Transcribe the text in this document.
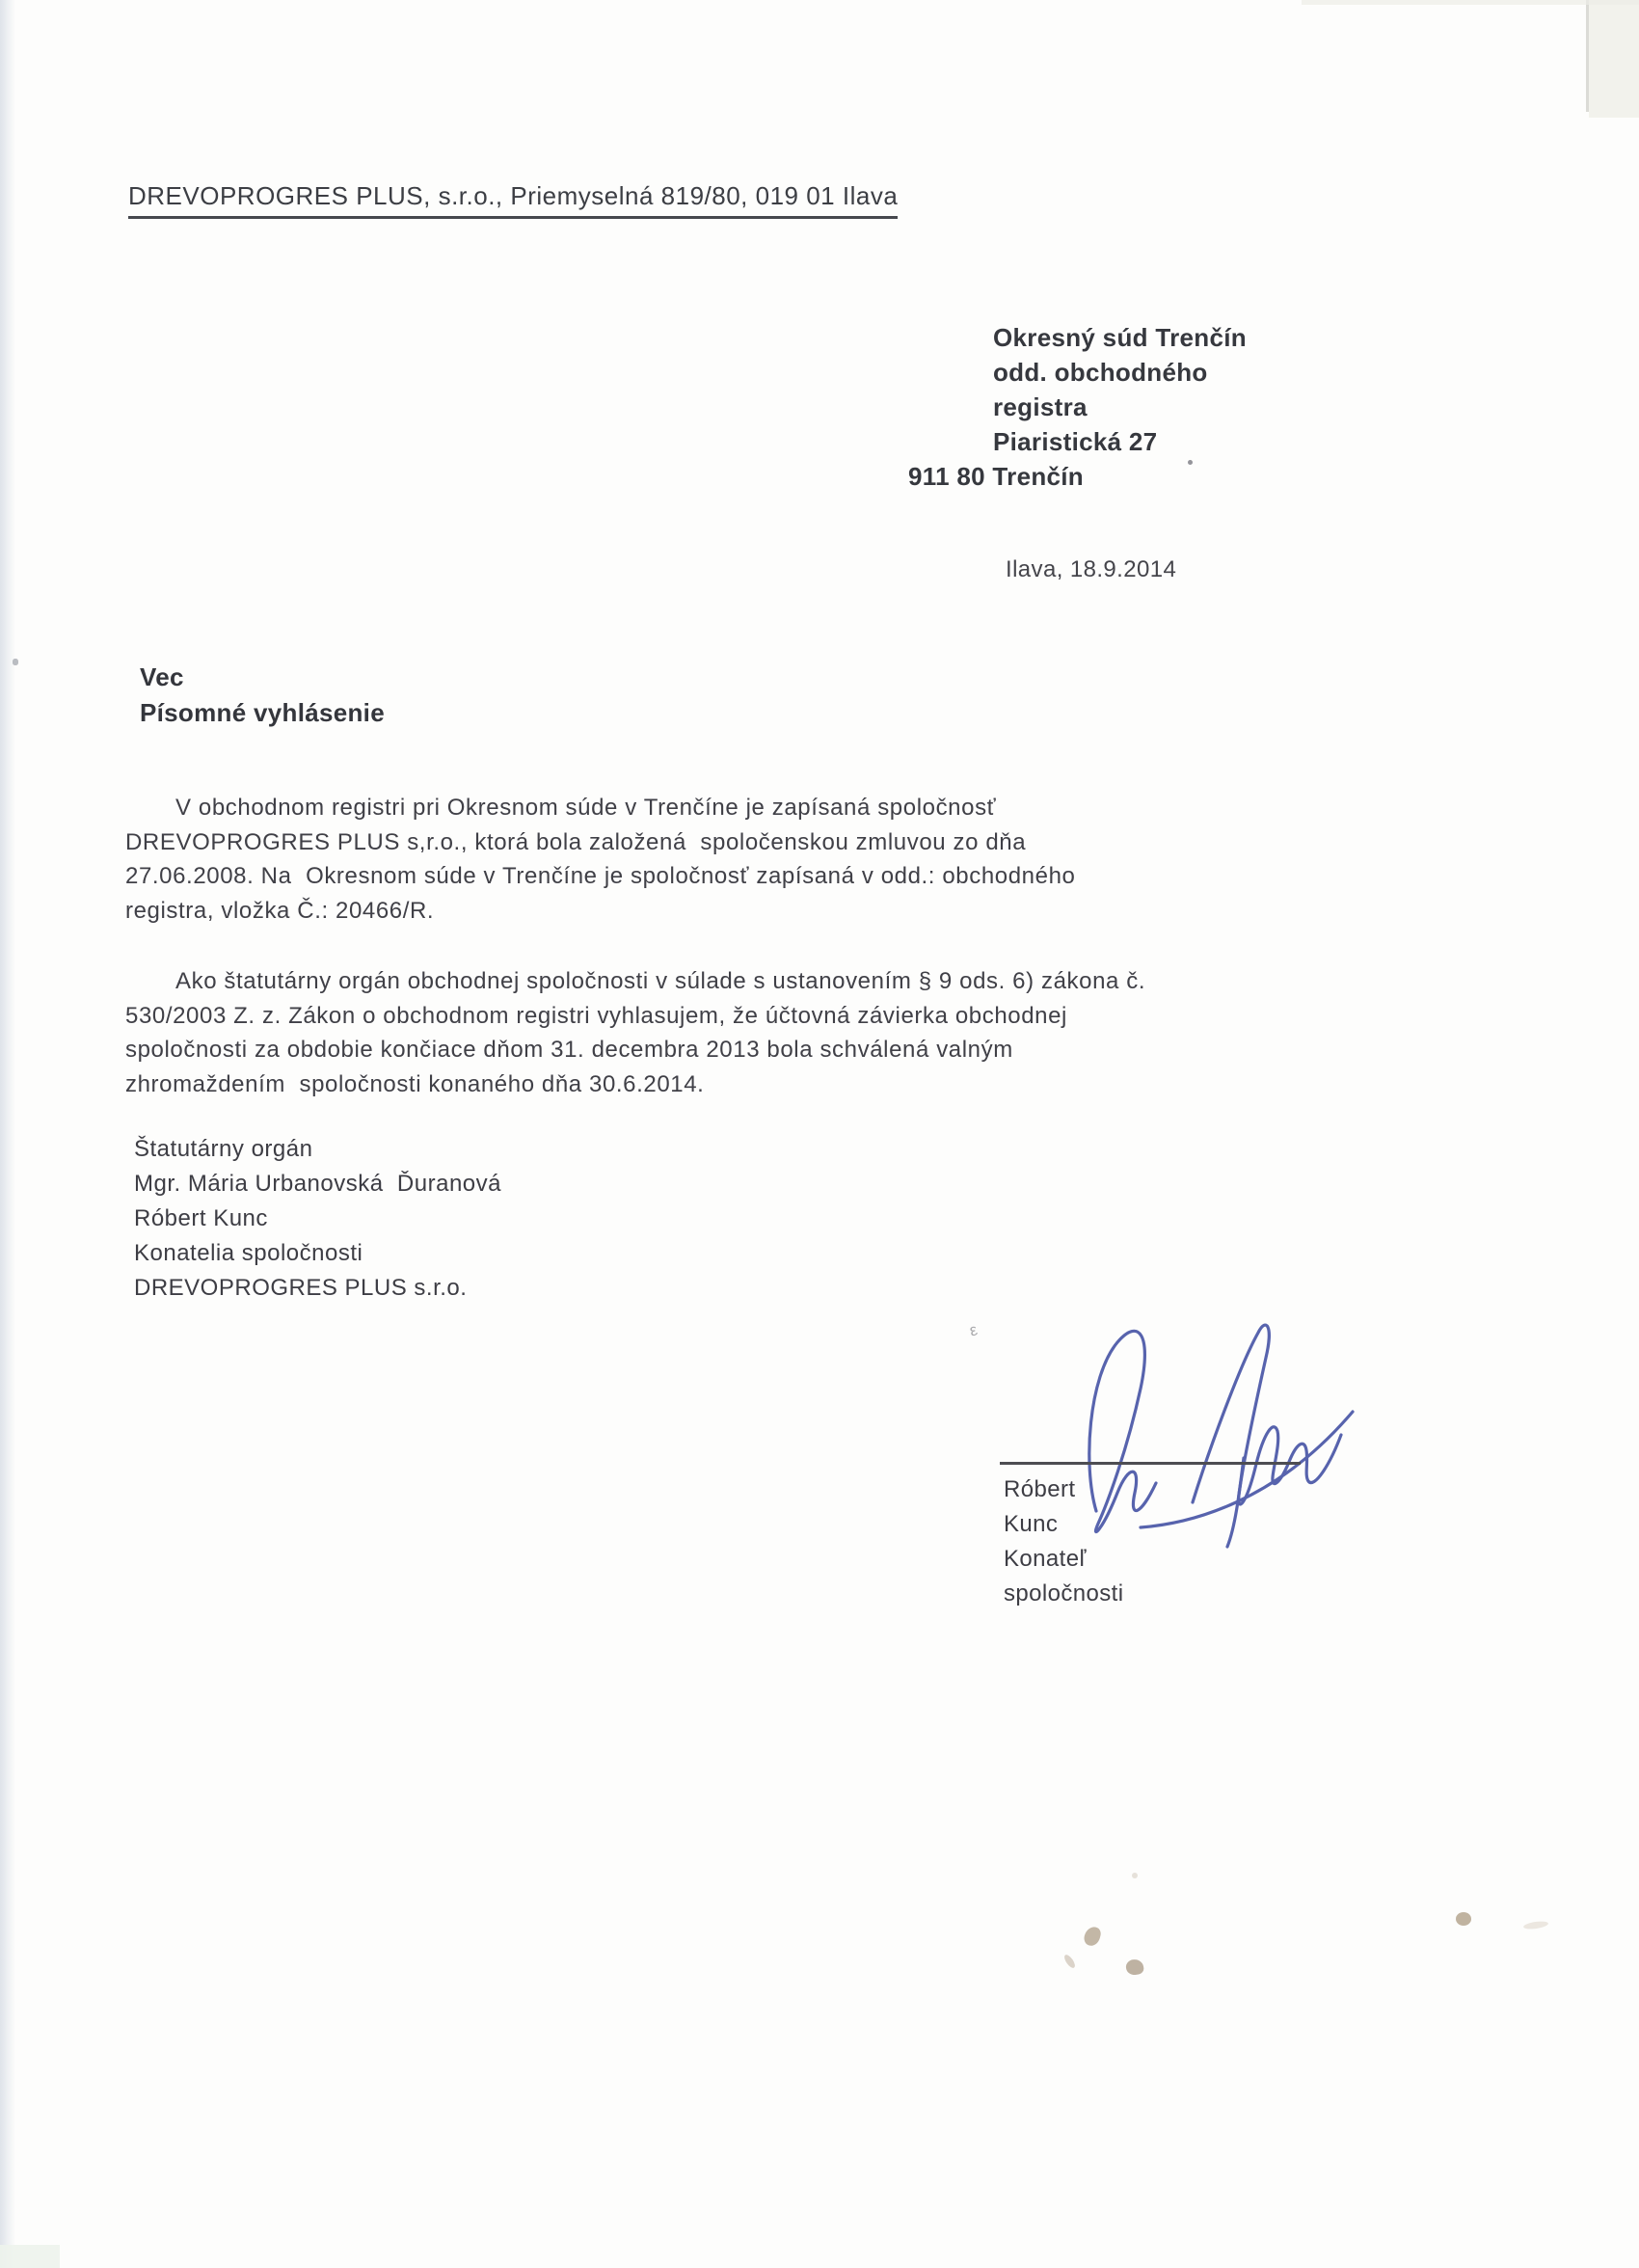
ε
DREVOPROGRES PLUS, s.r.o., Priemyselná 819/80, 019 01 Ilava
Okresný súd Trenčín
odd. obchodného
registra
Piaristická 27
911 80 Trenčín
Ilava, 18.9.2014
Vec
Písomné vyhlásenie
V obchodnom registri pri Okresnom súde v Trenčíne je zapísaná spoločnosť
DREVOPROGRES PLUS s,r.o., ktorá bola založená  spoločenskou zmluvou zo dňa
27.06.2008. Na  Okresnom súde v Trenčíne je spoločnosť zapísaná v odd.: obchodného
registra, vložka Č.: 20466/R.
Ako štatutárny orgán obchodnej spoločnosti v súlade s ustanovením § 9 ods. 6) zákona č.
530/2003 Z. z. Zákon o obchodnom registri vyhlasujem, že účtovná závierka obchodnej
spoločnosti za obdobie končiace dňom 31. decembra 2013 bola schválená valným
zhromaždením  spoločnosti konaného dňa 30.6.2014.
Štatutárny orgán
Mgr. Mária Urbanovská  Ďuranová
Róbert Kunc
Konatelia spoločnosti
DREVOPROGRES PLUS s.r.o.
Róbert Kunc
Konateľ spoločnosti
